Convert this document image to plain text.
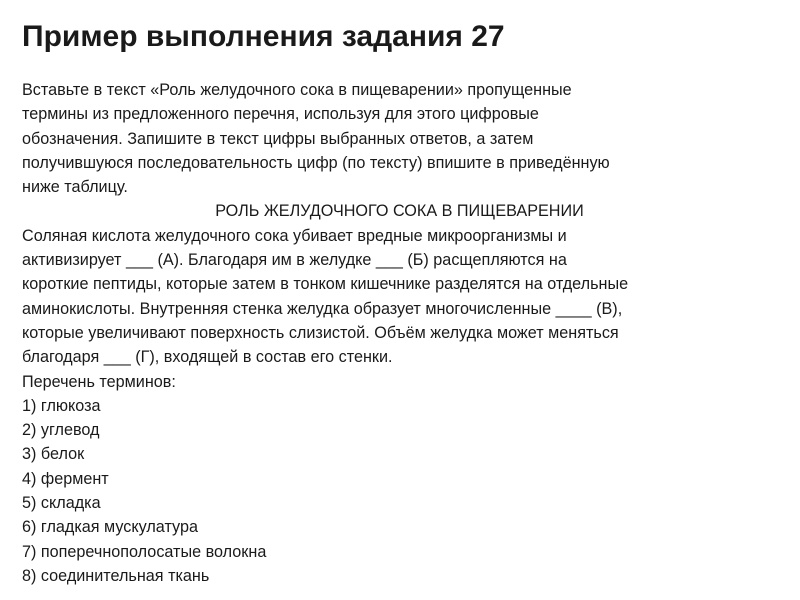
Пример выполнения задания 27
Вставьте в текст «Роль желудочного сока в пищеварении» пропущенные
термины из предложенного перечня, используя для этого цифровые
обозначения. Запишите в текст цифры выбранных ответов, а затем
получившуюся последовательность цифр (по тексту) впишите в приведённую
ниже таблицу.
РОЛЬ ЖЕЛУДОЧНОГО СОКА В ПИЩЕВАРЕНИИ
Соляная кислота желудочного сока убивает вредные микроорганизмы и
активизирует ___ (А). Благодаря им в желудке ___ (Б) расщепляются на
короткие пептиды, которые затем в тонком кишечнике разделятся на отдельные
аминокислоты. Внутренняя стенка желудка образует многочисленные ____ (В),
которые увеличивают поверхность слизистой. Объём желудка может меняться
благодаря ___ (Г), входящей в состав его стенки.
Перечень терминов:
1) глюкоза
2) углевод
3) белок
4) фермент
5) складка
6) гладкая мускулатура
7) поперечнополосатые волокна
8) соединительная ткань
